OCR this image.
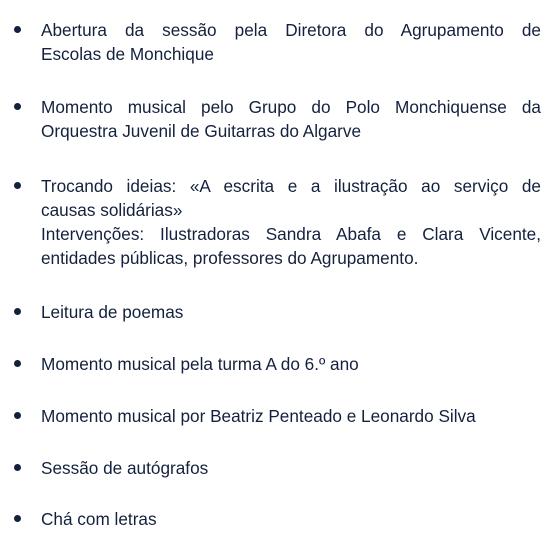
Abertura da sessão pela Diretora do Agrupamento de
Escolas de Monchique
Momento musical pelo Grupo do Polo Monchiquense da
Orquestra Juvenil de Guitarras do Algarve
Trocando ideias: «A escrita e a ilustração ao serviço de
causas solidárias»
Intervenções: Ilustradoras Sandra Abafa e Clara Vicente,
entidades públicas, professores do Agrupamento.
Leitura de poemas
Momento musical pela turma A do 6.º ano
Momento musical por Beatriz Penteado e Leonardo Silva
Sessão de autógrafos
Chá com letras
